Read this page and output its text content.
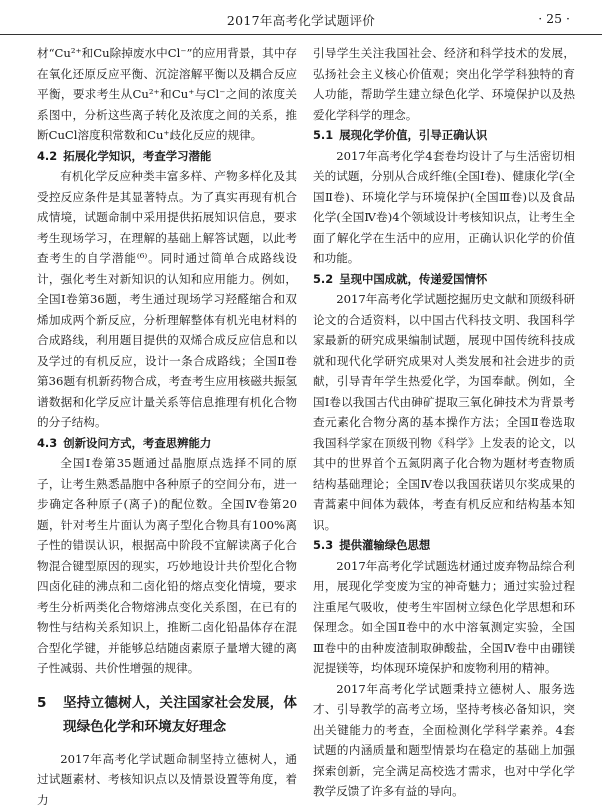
2017年高考化学试题评价	· 25 ·

材“Cu²⁺和Cu除掉废水中Cl⁻”的应用背景，其中存在氧化还原反应平衡、沉淀溶解平衡以及耦合反应平衡，要求考生从Cu²⁺和Cu⁺与Cl⁻之间的浓度关系图中，分析这些离子转化及浓度之间的关系，推断CuCl溶度积常数和Cu⁺歧化反应的规律。

4.2 拓展化学知识，考查学习潜能

有机化学反应种类丰富多样、产物多样化及其受控反应条件是其显著特点。为了真实再现有机合成情境，试题命制中采用提供拓展知识信息，要求考生现场学习，在理解的基础上解答试题，以此考查考生的自学潜能⁽⁶⁾。同时通过简单合成路线设计，强化考生对新知识的认知和应用能力。例如，全国Ⅰ卷第36题，考生通过现场学习羟醛缩合和双烯加成两个新反应，分析理解整体有机光电材料的合成路线，利用题目提供的双烯合成反应信息和以及学过的有机反应，设计一条合成路线；全国Ⅱ卷第36题有机新药物合成，考查考生应用核磁共振氢谱数据和化学反应计量关系等信息推理有机化合物的分子结构。

4.3 创新设问方式，考查思辨能力

全国Ⅰ卷第35题通过晶胞原点选择不同的原子，让考生熟悉晶胞中各种原子的空间分布，进一步确定各种原子(离子)的配位数。全国Ⅳ卷第20题，针对考生片面认为离子型化合物具有100%离子性的错误认识，根据高中阶段不宜解读离子化合物混合键型原因的现实，巧妙地设计共价型化合物四卤化硅的沸点和二卤化铅的熔点变化情境，要求考生分析两类化合物熔沸点变化关系图，在已有的物性与结构关系知识上，推断二卤化铅晶体存在混合型化学键，并能够总结随卤素原子量增大键的离子性减弱、共价性增强的规律。

5	坚持立德树人，关注国家社会发展，体现绿色化学和环境友好理念

2017年高考化学试题命制坚持立德树人，通过试题素材、考核知识点以及情景设置等角度，着力

引导学生关注我国社会、经济和科学技术的发展，弘扬社会主义核心价值观；突出化学学科独特的育人功能，帮助学生建立绿色化学、环境保护以及热爱化学科学的理念。

5.1 展现化学价值，引导正确认识

2017年高考化学4套卷均设计了与生活密切相关的试题，分别从合成纤维(全国Ⅰ卷)、健康化学(全国Ⅱ卷)、环境化学与环境保护(全国Ⅲ卷)以及食品化学(全国Ⅳ卷)4个领域设计考核知识点，让考生全面了解化学在生活中的应用，正确认识化学的价值和功能。

5.2 呈现中国成就，传递爱国情怀

2017年高考化学试题挖掘历史文献和顶级科研论文的合适资料，以中国古代科技文明、我国科学家最新的研究成果编制试题，展现中国传统科技成就和现代化学研究成果对人类发展和社会进步的贡献，引导青年学生热爱化学，为国奉献。例如，全国Ⅰ卷以我国古代由砷矿提取三氧化砷技术为背景考查元素化合物分离的基本操作方法；全国Ⅱ卷选取我国科学家在顶级刊物《科学》上发表的论文，以其中的世界首个五氮阴离子化合物为题材考查物质结构基础理论；全国Ⅳ卷以我国获诺贝尔奖成果的青蒿素中间体为载体，考查有机反应和结构基本知识。

5.3 提供灌输绿色思想

2017年高考化学试题选材通过废弃物品综合利用，展现化学变废为宝的神奇魅力；通过实验过程注重尾气吸收，使考生牢固树立绿色化学思想和环保理念。如全国Ⅱ卷中的水中溶氧测定实验，全国Ⅲ卷中的由种废渣制取砷酸盐，全国Ⅳ卷中由硼镁泥提镁等，均体现环境保护和废物利用的精神。

2017年高考化学试题秉持立德树人、服务选才、引导教学的高考立场，坚持考核必备知识，突出关键能力的考查，全面检测化学科学素养。4套试题的内涵质量和题型情景均在稳定的基础上加强探索创新，完全满足高校选才需求，也对中学化学教学反馈了许多有益的导向。
